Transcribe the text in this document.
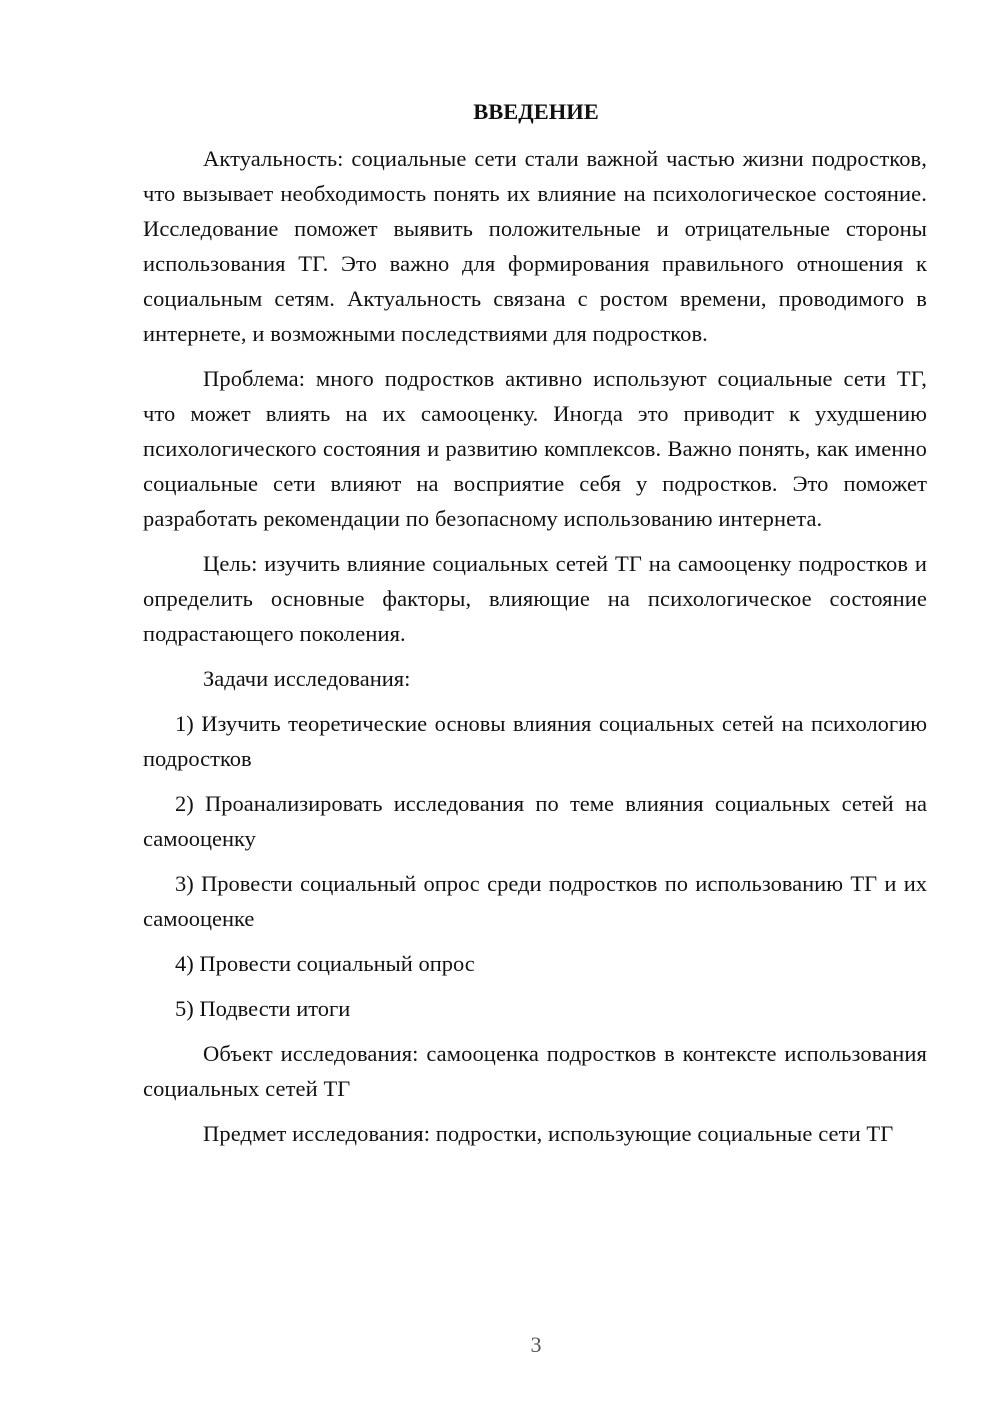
ВВЕДЕНИЕ

Актуальность: социальные сети стали важной частью жизни подростков, что вызывает необходимость понять их влияние на психологическое состояние. Исследование поможет выявить положительные и отрицательные стороны использования ТГ. Это важно для формирования правильного отношения к социальным сетям. Актуальность связана с ростом времени, проводимого в интернете, и возможными последствиями для подростков.

Проблема: много подростков активно используют социальные сети ТГ, что может влиять на их самооценку. Иногда это приводит к ухудшению психологического состояния и развитию комплексов. Важно понять, как именно социальные сети влияют на восприятие себя у подростков. Это поможет разработать рекомендации по безопасному использованию интернета.

Цель: изучить влияние социальных сетей ТГ на самооценку подростков и определить основные факторы, влияющие на психологическое состояние подрастающего поколения.

Задачи исследования:

1) Изучить теоретические основы влияния социальных сетей на психологию подростков

2) Проанализировать исследования по теме влияния социальных сетей на самооценку

3) Провести социальный опрос среди подростков по использованию ТГ и их самооценке

4) Провести социальный опрос

5) Подвести итоги

Объект исследования: самооценка подростков в контексте использования социальных сетей ТГ

Предмет исследования: подростки, использующие социальные сети ТГ

3
